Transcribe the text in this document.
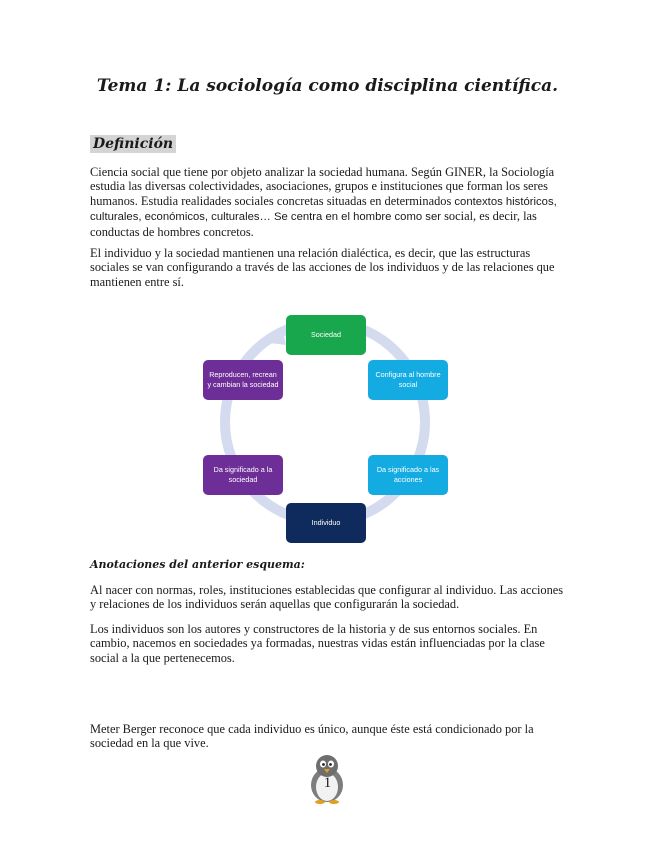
Tema 1: La sociología como disciplina científica.
Definición

Ciencia social que tiene por objeto analizar la sociedad humana. Según GINER, la Sociología estudia las diversas colectividades, asociaciones, grupos e instituciones que forman los seres humanos. Estudia realidades sociales concretas situadas en determinados contextos históricos, culturales, económicos, culturales… Se centra en el hombre como ser social, es decir, las conductas de hombres concretos.

El individuo y la sociedad mantienen una relación dialéctica, es decir, que las estructuras sociales se van configurando a través de las acciones de los individuos y de las relaciones que mantienen entre sí.

Sociedad
Configura al hombre social
Da significado a las acciones
Individuo
Da significado a la sociedad
Reproducen, recrean y cambian la sociedad
Anotaciones del anterior esquema:

Al nacer con normas, roles, instituciones establecidas que configurar al individuo. Las acciones y relaciones de los individuos serán aquellas que configurarán la sociedad.

Los individuos son los autores y constructores de la historia y de sus entornos sociales. En cambio, nacemos en sociedades ya formadas, nuestras vidas están influenciadas por la clase social a la que pertenecemos.

Meter Berger reconoce que cada individuo es único, aunque éste está condicionado por la sociedad en la que vive.

1
